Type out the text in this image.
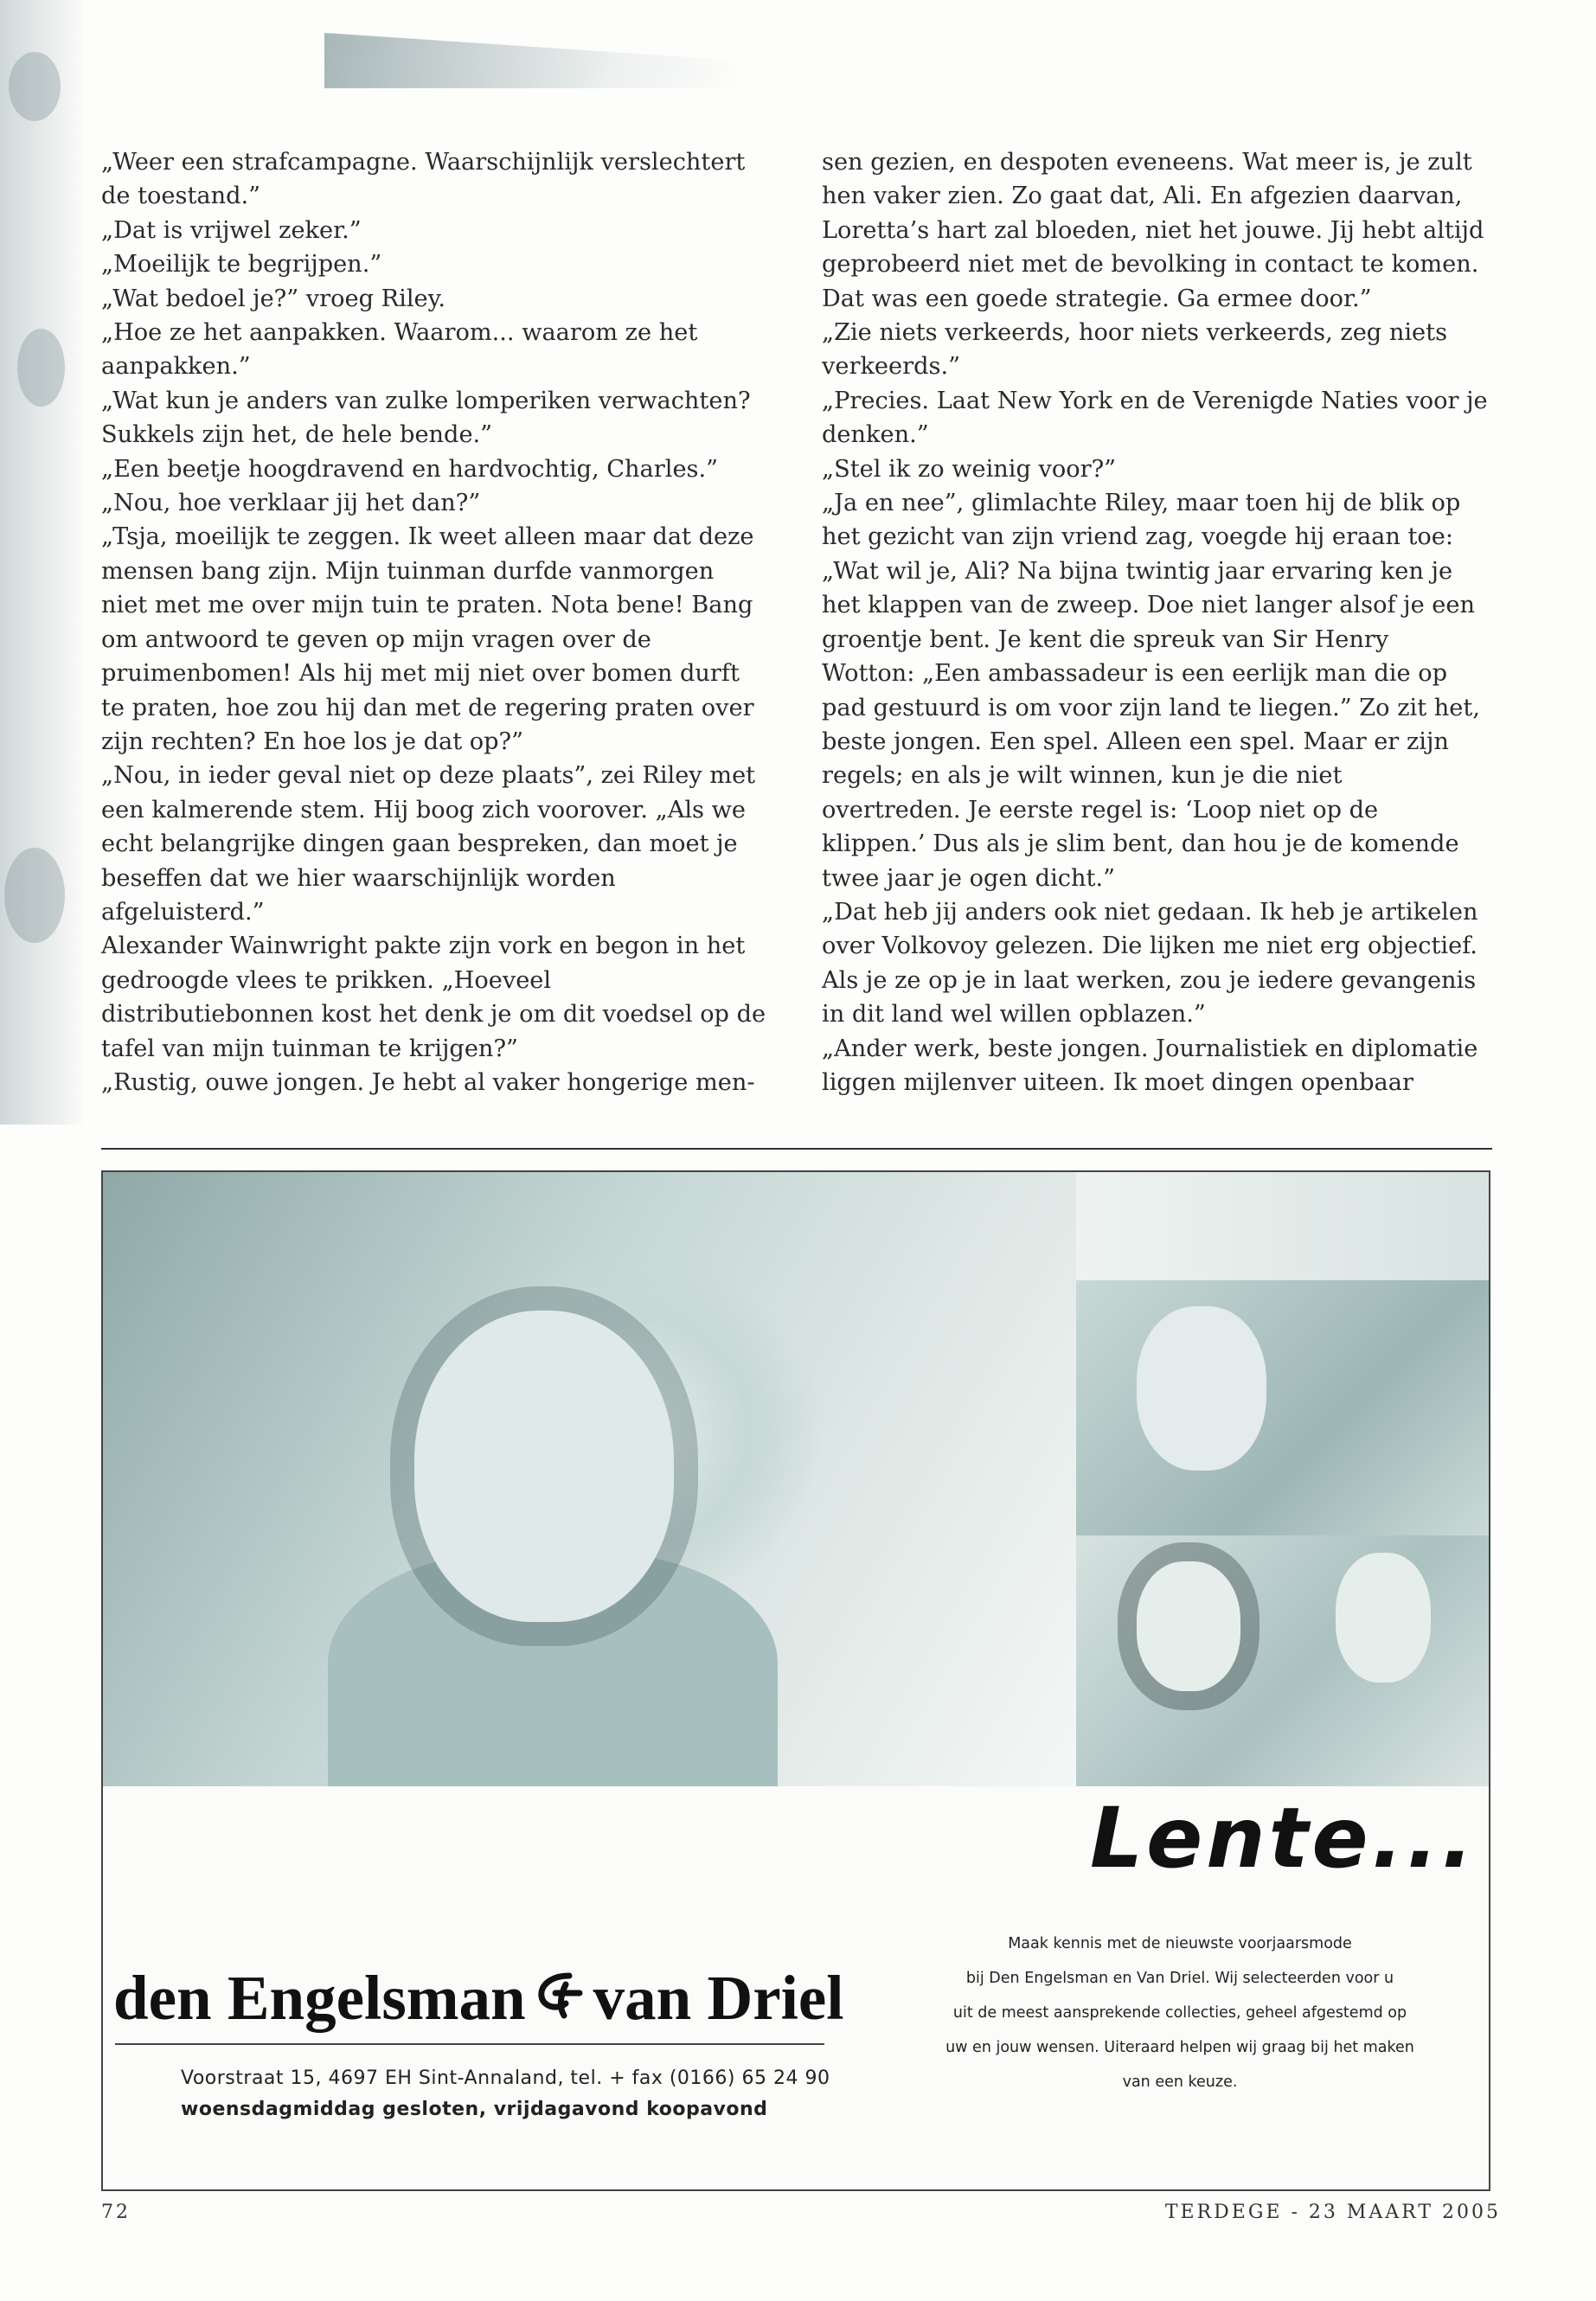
„Weer een strafcampagne. Waarschijnlijk verslechtert de toestand.”

„Dat is vrijwel zeker.”

„Moeilijk te begrijpen.”

„Wat bedoel je?” vroeg Riley.

„Hoe ze het aanpakken. Waarom... waarom ze het aanpakken.”

„Wat kun je anders van zulke lomperiken verwachten? Sukkels zijn het, de hele bende.”

„Een beetje hoogdravend en hardvochtig, Charles.”

„Nou, hoe verklaar jij het dan?”

„Tsja, moeilijk te zeggen. Ik weet alleen maar dat deze mensen bang zijn. Mijn tuinman durfde vanmorgen niet met me over mijn tuin te praten. Nota bene! Bang om antwoord te geven op mijn vragen over de pruimenbomen! Als hij met mij niet over bomen durft te praten, hoe zou hij dan met de regering praten over zijn rechten? En hoe los je dat op?”

„Nou, in ieder geval niet op deze plaats”, zei Riley met een kalmerende stem. Hij boog zich voorover. „Als we echt belangrijke dingen gaan bespreken, dan moet je beseffen dat we hier waarschijnlijk worden afgeluisterd.”

Alexander Wainwright pakte zijn vork en begon in het gedroogde vlees te prikken. „Hoeveel distributiebonnen kost het denk je om dit voedsel op de tafel van mijn tuinman te krijgen?”

„Rustig, ouwe jongen. Je hebt al vaker hongerige men-

sen gezien, en despoten eveneens. Wat meer is, je zult hen vaker zien. Zo gaat dat, Ali. En afgezien daarvan, Loretta’s hart zal bloeden, niet het jouwe. Jij hebt altijd geprobeerd niet met de bevolking in contact te komen. Dat was een goede strategie. Ga ermee door.”

„Zie niets verkeerds, hoor niets verkeerds, zeg niets verkeerds.”

„Precies. Laat New York en de Verenigde Naties voor je denken.”

„Stel ik zo weinig voor?”

„Ja en nee”, glimlachte Riley, maar toen hij de blik op het gezicht van zijn vriend zag, voegde hij eraan toe: „Wat wil je, Ali? Na bijna twintig jaar ervaring ken je het klappen van de zweep. Doe niet langer alsof je een groentje bent. Je kent die spreuk van Sir Henry Wotton: „Een ambassadeur is een eerlijk man die op pad gestuurd is om voor zijn land te liegen.” Zo zit het, beste jongen. Een spel. Alleen een spel. Maar er zijn regels; en als je wilt winnen, kun je die niet overtreden. Je eerste regel is: ‘Loop niet op de klippen.’ Dus als je slim bent, dan hou je de komende twee jaar je ogen dicht.”

„Dat heb jij anders ook niet gedaan. Ik heb je artikelen over Volkovoy gelezen. Die lijken me niet erg objectief. Als je ze op je in laat werken, zou je iedere gevangenis in dit land wel willen opblazen.”

„Ander werk, beste jongen. Journalistiek en diplomatie liggen mijlenver uiteen. Ik moet dingen openbaar

Lente...

Maak kennis met de nieuwste voorjaarsmode

bij Den Engelsman en Van Driel. Wij selecteerden voor u

uit de meest aansprekende collecties, geheel afgestemd op

uw en jouw wensen. Uiteraard helpen wij graag bij het maken

van een keuze.

den Engelsman van Driel

Voorstraat 15, 4697 EH Sint-Annaland, tel. + fax (0166) 65 24 90

woensdagmiddag gesloten, vrijdagavond koopavond

72	TERDEGE - 23 MAART 2005
